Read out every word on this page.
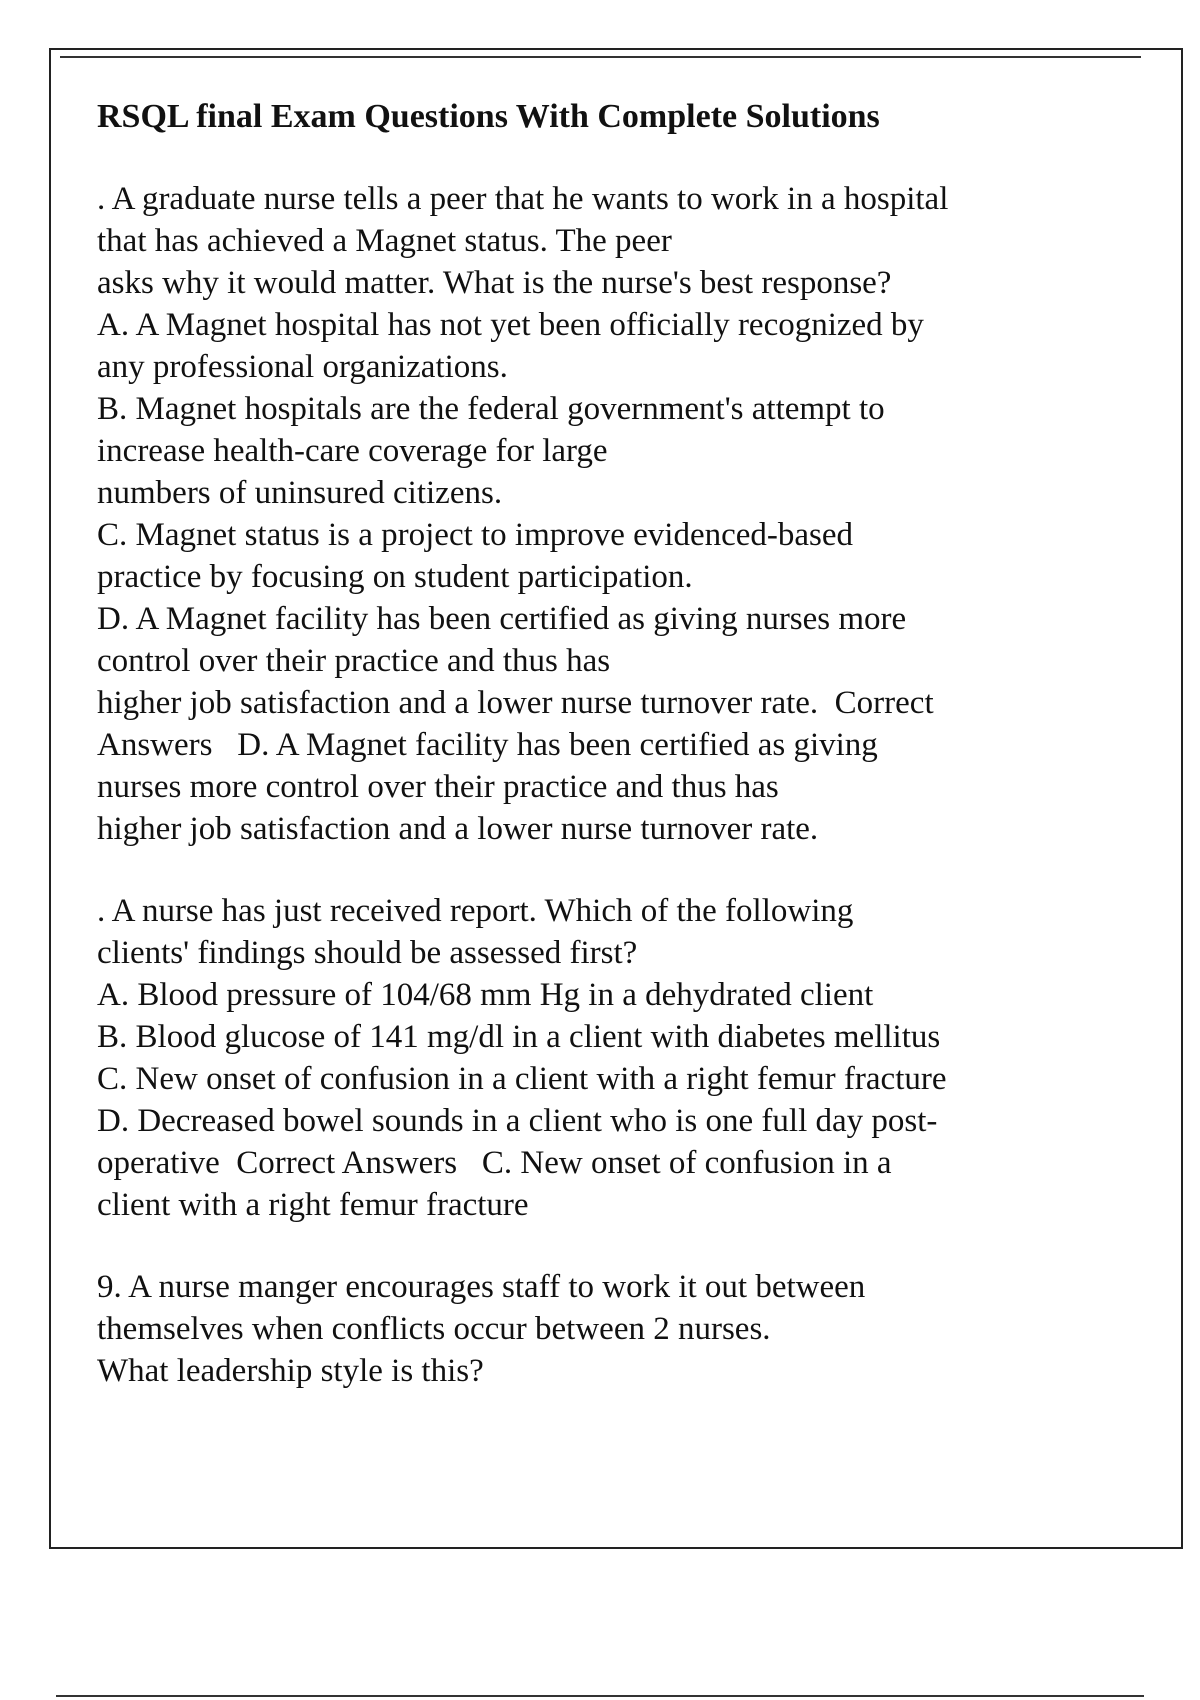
RSQL final Exam Questions With Complete Solutions
. A graduate nurse tells a peer that he wants to work in a hospital
that has achieved a Magnet status. The peer
asks why it would matter. What is the nurse's best response?
A. A Magnet hospital has not yet been officially recognized by
any professional organizations.
B. Magnet hospitals are the federal government's attempt to
increase health-care coverage for large
numbers of uninsured citizens.
C. Magnet status is a project to improve evidenced-based
practice by focusing on student participation.
D. A Magnet facility has been certified as giving nurses more
control over their practice and thus has
higher job satisfaction and a lower nurse turnover rate.  Correct
Answers   D. A Magnet facility has been certified as giving
nurses more control over their practice and thus has
higher job satisfaction and a lower nurse turnover rate.
. A nurse has just received report. Which of the following
clients' findings should be assessed first?
A. Blood pressure of 104/68 mm Hg in a dehydrated client
B. Blood glucose of 141 mg/dl in a client with diabetes mellitus
C. New onset of confusion in a client with a right femur fracture
D. Decreased bowel sounds in a client who is one full day post-
operative  Correct Answers   C. New onset of confusion in a
client with a right femur fracture
9. A nurse manger encourages staff to work it out between
themselves when conflicts occur between 2 nurses.
What leadership style is this?
